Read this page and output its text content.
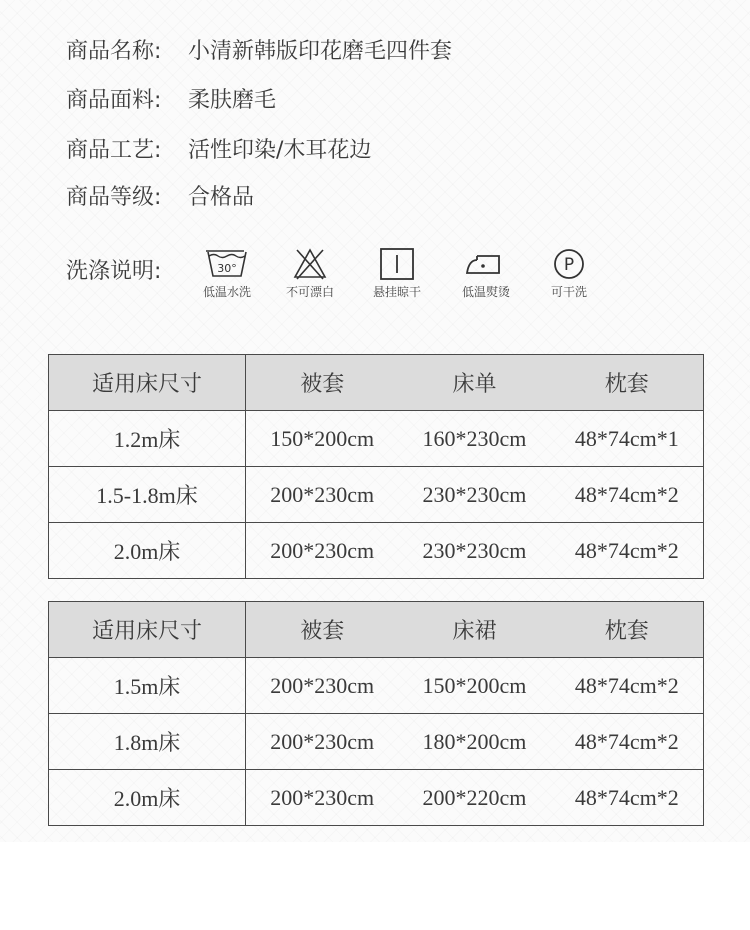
商品名称: 小清新韩版印花磨毛四件套
商品面料: 柔肤磨毛
商品工艺: 活性印染/木耳花边
商品等级: 合格品
洗涤说明:	30°
低温水洗	不可漂白	悬挂晾干	低温熨烫
P
可干洗
适用床尺寸	被套	床单	枕套
1.2m床	150*200cm	160*230cm	48*74cm*1
1.5-1.8m床	200*230cm	230*230cm	48*74cm*2
2.0m床	200*230cm	230*230cm	48*74cm*2
适用床尺寸	被套	床裙	枕套
1.5m床	200*230cm	150*200cm	48*74cm*2
1.8m床	200*230cm	180*200cm	48*74cm*2
2.0m床	200*230cm	200*220cm	48*74cm*2
